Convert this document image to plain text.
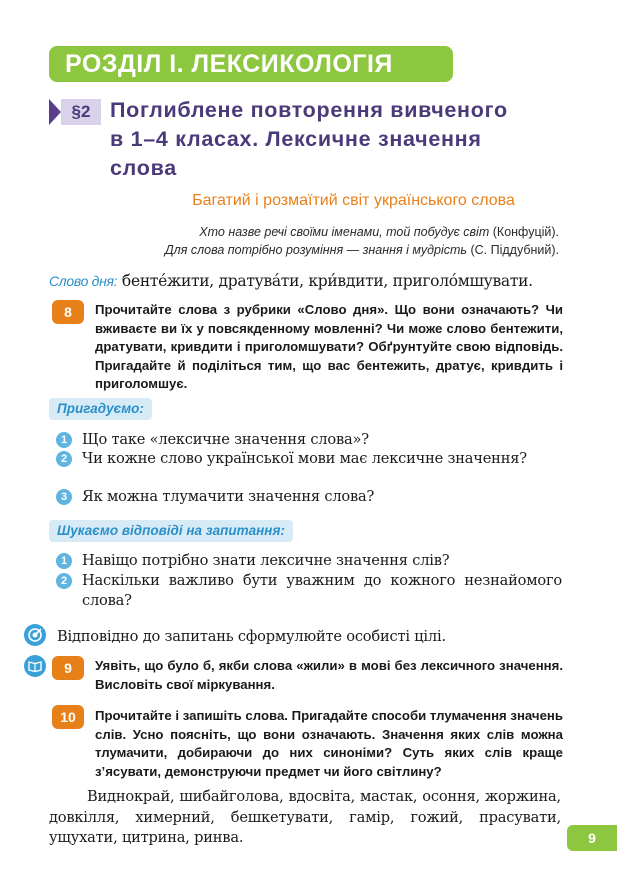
РОЗДІЛ І. ЛЕКСИКОЛОГІЯ
§2 Поглиблене повторення вивченого
в 1–4 класах. Лексичне значення
слова
Багатий і розмаїтий світ українського слова
Хто назве речі своїми іменами, той побудує світ (Конфуцій).
Для слова потрібно розуміння — знання і мудрість (С. Піддубний).
Слово дня: бенте́жити, дратува́ти, кри́вдити, приголо́мшувати.
8	Прочитайте слова з рубрики «Слово дня». Що вони означають? Чи вживаєте ви їх у повсякденному мовленні? Чи може слово бентежити, дратувати, кривдити і приголомшувати? Обґрунтуйте свою відповідь. Пригадайте й поділіться тим, що вас бентежить, дратує, кривдить і приголомшує.
Пригадуємо:
1	Що таке «лексичне значення слова»?
2	Чи кожне слово української мови має лексичне значення?
3	Як можна тлумачити значення слова?
Шукаємо відповіді на запитання:
1	Навіщо потрібно знати лексичне значення слів?
2	Наскільки важливо бути уважним до кожного незнайомого слова?
Відповідно до запитань сформулюйте особисті цілі.
9	Уявіть, що було б, якби слова «жили» в мові без лексичного значення. Висловіть свої міркування.
10	Прочитайте і запишіть слова. Пригадайте способи тлумачення значень слів. Усно поясніть, що вони означають. Значення яких слів можна тлумачити, добираючи до них синоніми? Суть яких слів краще з’ясувати, демонструючи предмет чи його світлину?
Виднокрай, шибайголова, вдосвіта, мастак, осоння, жоржина, довкілля, химерний, бешкетувати, гамір, гожий, прасувати, ущухати, цитрина, ринва.	9
